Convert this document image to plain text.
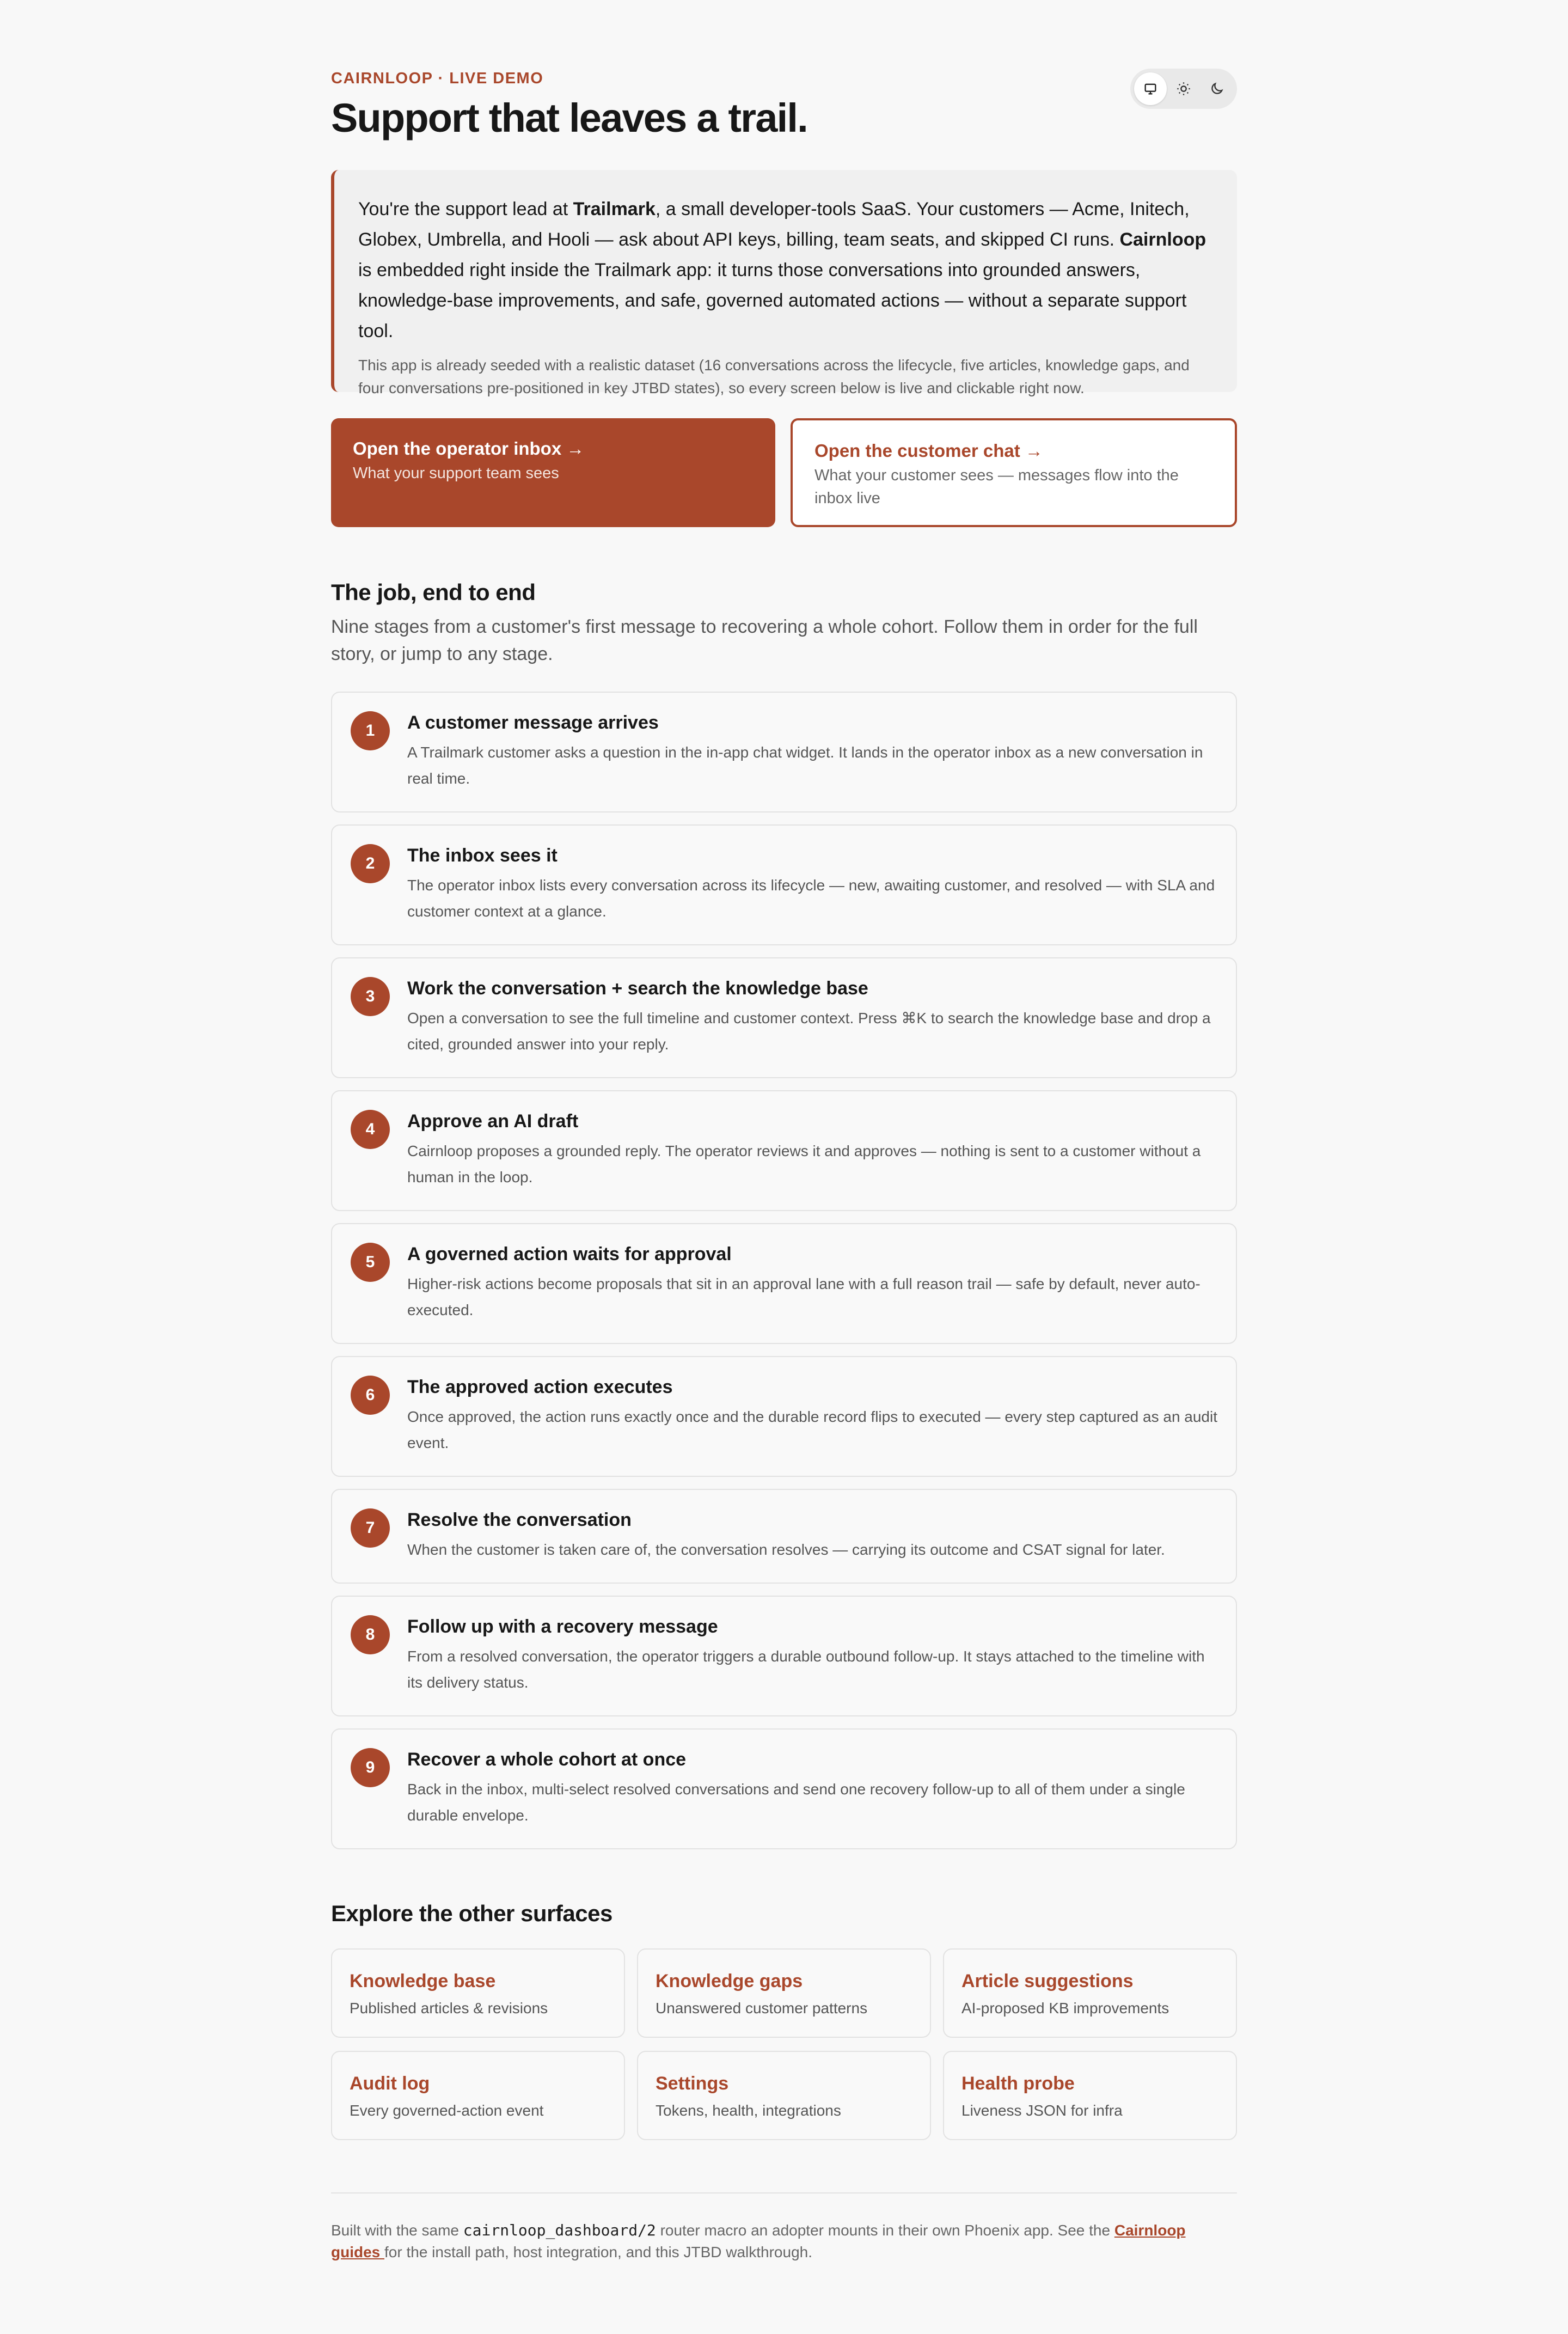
CAIRNLOOP · LIVE DEMO
Support that leaves a trail.

You're the support lead at Trailmark, a small developer-tools SaaS. Your customers — Acme, Initech, Globex, Umbrella, and Hooli — ask about API keys, billing, team seats, and skipped CI runs. Cairnloop is embedded right inside the Trailmark app: it turns those conversations into grounded answers, knowledge-base improvements, and safe, governed automated actions — without a separate support tool.

This app is already seeded with a realistic dataset (16 conversations across the lifecycle, five articles, knowledge gaps, and four conversations pre-positioned in key JTBD states), so every screen below is live and clickable right now.

Open the operator inbox →
What your support team sees
Open the customer chat →
What your customer sees — messages flow into the inbox live
The job, end to end

Nine stages from a customer's first message to recovering a whole cohort. Follow them in order for the full story, or jump to any stage.

1	A customer message arrives
A Trailmark customer asks a question in the in-app chat widget. It lands in the operator inbox as a new conversation in real time.
2	The inbox sees it
The operator inbox lists every conversation across its lifecycle — new, awaiting customer, and resolved — with SLA and customer context at a glance.
3	Work the conversation + search the knowledge base
Open a conversation to see the full timeline and customer context. Press ⌘K to search the knowledge base and drop a cited, grounded answer into your reply.
4	Approve an AI draft
Cairnloop proposes a grounded reply. The operator reviews it and approves — nothing is sent to a customer without a human in the loop.
5	A governed action waits for approval
Higher-risk actions become proposals that sit in an approval lane with a full reason trail — safe by default, never auto-executed.
6	The approved action executes
Once approved, the action runs exactly once and the durable record flips to executed — every step captured as an audit event.
7	Resolve the conversation
When the customer is taken care of, the conversation resolves — carrying its outcome and CSAT signal for later.
8	Follow up with a recovery message
From a resolved conversation, the operator triggers a durable outbound follow-up. It stays attached to the timeline with its delivery status.
9	Recover a whole cohort at once
Back in the inbox, multi-select resolved conversations and send one recovery follow-up to all of them under a single durable envelope.
Explore the other surfaces
Knowledge base
Published articles & revisions
Knowledge gaps
Unanswered customer patterns
Article suggestions
AI-proposed KB improvements
Audit log
Every governed-action event
Settings
Tokens, health, integrations
Health probe
Liveness JSON for infra

Built with the same cairnloop_dashboard/2 router macro an adopter mounts in their own Phoenix app. See the Cairnloop guides for the install path, host integration, and this JTBD walkthrough.
